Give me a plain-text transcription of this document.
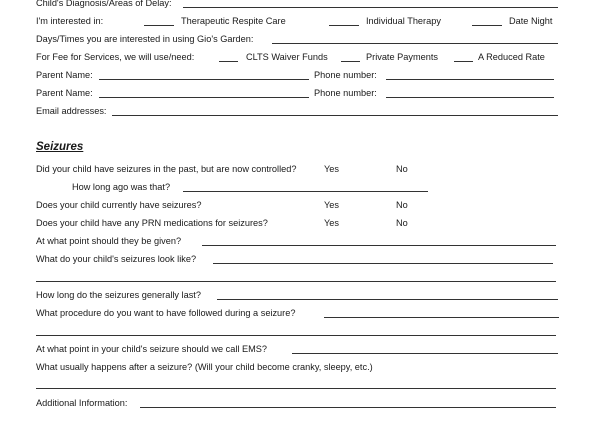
Child's Diagnosis/Areas of Delay:
I'm interested in:	Therapeutic Respite Care	Individual Therapy	Date Night
Days/Times you are interested in using Gio's Garden:
For Fee for Services, we will use/need:	CLTS Waiver Funds	Private Payments	A Reduced Rate
Parent Name:	Phone number:
Parent Name:	Phone number:
Email addresses:
Seizures
Did your child have seizures in the past, but are now controlled?	Yes	No
How long ago was that?
Does your child currently have seizures?	Yes	No
Does your child have any PRN medications for seizures?	Yes	No
At what point should they be given?
What do your child's seizures look like?
How long do the seizures generally last?
What procedure do you want to have followed during a seizure?
At what point in your child's seizure should we call EMS?
What usually happens after a seizure? (Will your child become cranky, sleepy, etc.)
Additional Information:
